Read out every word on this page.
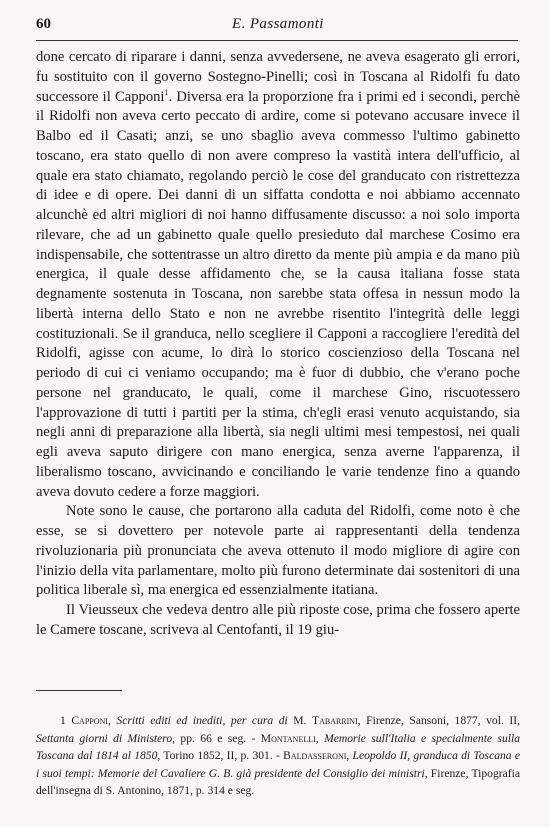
60	E. Passamonti

done cercato di riparare i danni, senza avvedersene, ne aveva esagerato gli errori, fu sostituito con il governo Sostegno-Pinelli; così in Toscana al Ridolfi fu dato successore il Capponi$^1$. Diversa era la proporzione fra i primi ed i secondi, perchè il Ridolfi non aveva certo peccato di ardire, come si potevano accusare invece il Balbo ed il Casati; anzi, se uno sbaglio aveva commesso l'ultimo gabinetto toscano, era stato quello di non avere compreso la vastità intera dell'ufficio, al quale era stato chiamato, regolando perciò le cose del granducato con ristrettezza di idee e di opere. Dei danni di un siffatta condotta e noi abbiamo accennato alcunchè ed altri migliori di noi hanno diffusamente discusso: a noi solo importa rilevare, che ad un gabinetto quale quello presieduto dal marchese Cosimo era indispensabile, che sottentrasse un altro diretto da mente più ampia e da mano più energica, il quale desse affidamento che, se la causa italiana fosse stata degnamente sostenuta in Toscana, non sarebbe stata offesa in nessun modo la libertà interna dello Stato e non ne avrebbe risentito l'integrità delle leggi costituzionali. Se il granduca, nello scegliere il Capponi a raccogliere l'eredità del Ridolfi, agisse con acume, lo dirà lo storico coscienzioso della Toscana nel periodo di cui ci veniamo occupando; ma è fuor di dubbio, che v'erano poche persone nel granducato, le quali, come il marchese Gino, riscuotessero l'approvazione di tutti i partiti per la stima, ch'egli erasi venuto acquistando, sia negli anni di preparazione alla libertà, sia negli ultimi mesi tempestosi, nei quali egli aveva saputo dirigere con mano energica, senza averne l'apparenza, il liberalismo toscano, avvicinando e conciliando le varie tendenze fino a quando aveva dovuto cedere a forze maggiori.

Note sono le cause, che portarono alla caduta del Ridolfi, come noto è che esse, se si dovettero per notevole parte ai rappresentanti della tendenza rivoluzionaria più pronunciata che aveva ottenuto il modo migliore di agire con l'inizio della vita parlamentare, molto più furono determinate dai sostenitori di una politica liberale sì, ma energica ed essenzialmente itatiana.

Il Vieusseux che vedeva dentro alle più riposte cose, prima che fossero aperte le Camere toscane, scriveva al Centofanti, il 19 giu-

1 Capponi, Scritti editi ed inediti, per cura di M. Tabarrini, Firenze, Sansoni, 1877, vol. II, Settanta giorni di Ministero, pp. 66 e seg. - Montanelli, Memorie sull'Italia e specialmente sulla Toscana dal 1814 al 1850, Torino 1852, II, p. 301. - Baldasseroni, Leopoldo II, granduca di Toscana e i suoi tempi: Memorie del Cavaliere G. B. già presidente del Consiglio dei ministri, Firenze, Tipografia dell'insegna di S. Antonino, 1871, p. 314 e seg.
